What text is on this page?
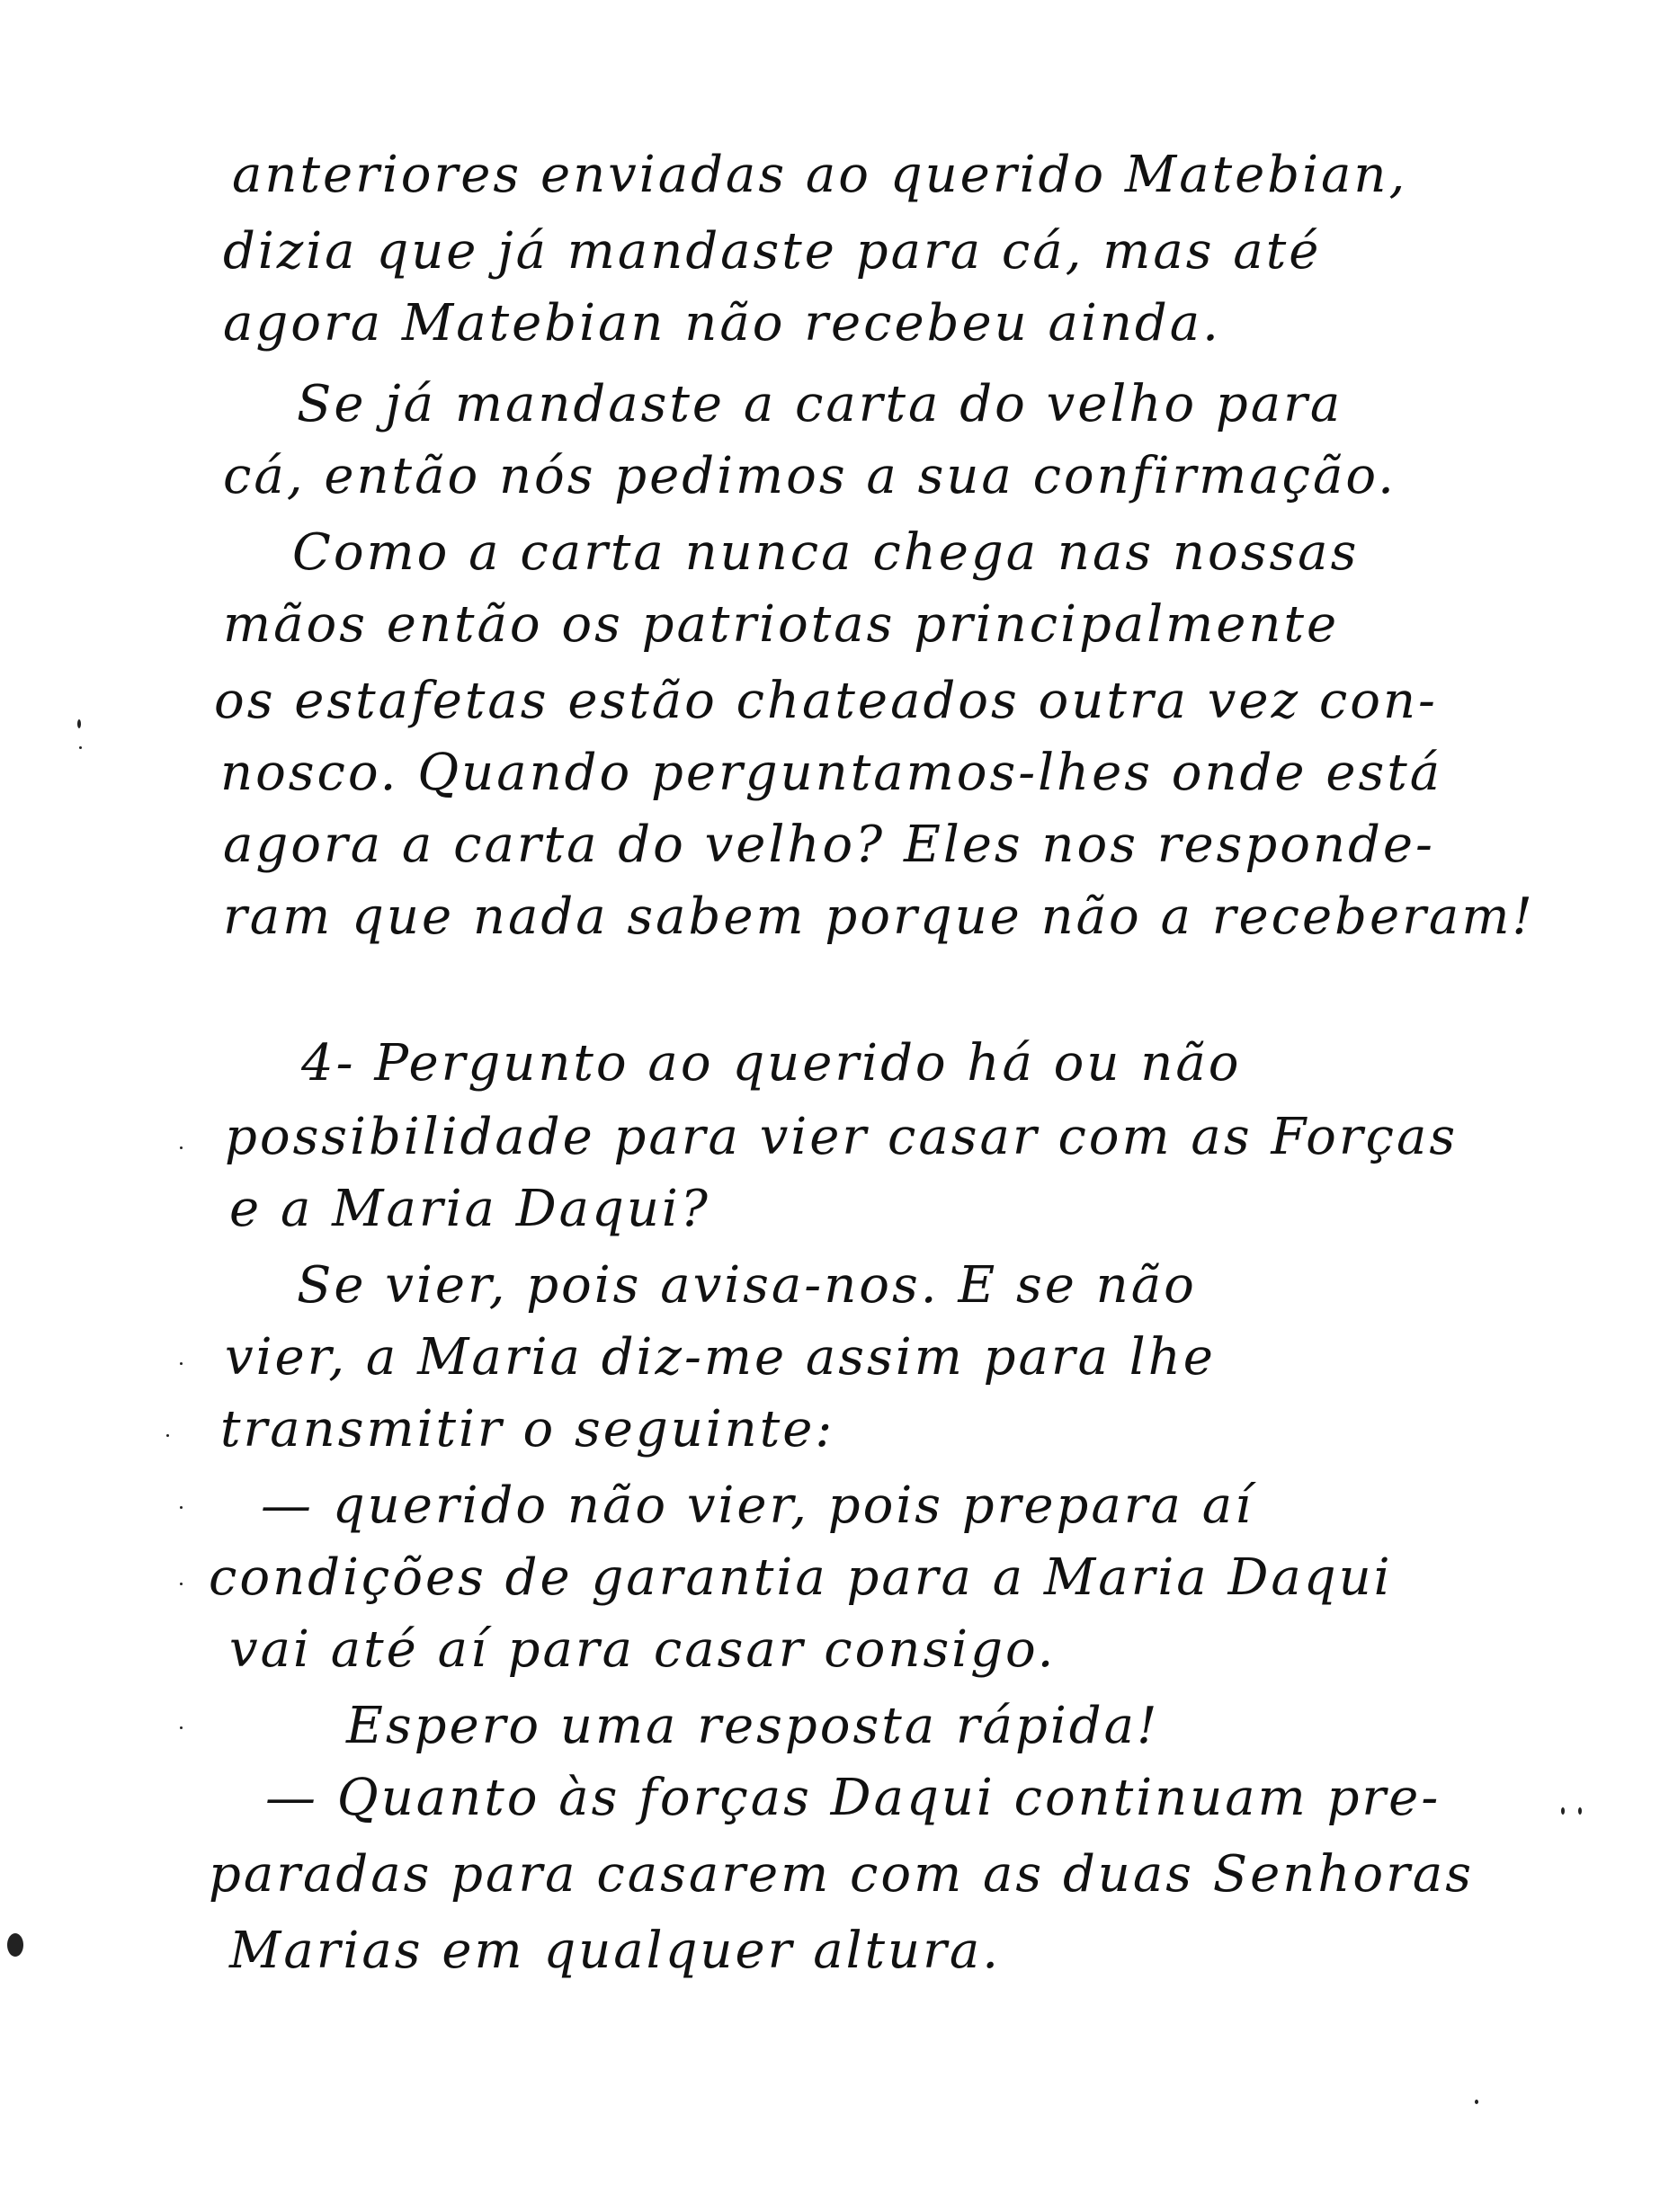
anteriores enviadas ao querido Matebian,
dizia que já mandaste para cá, mas até
agora Matebian não recebeu ainda.
Se já mandaste a carta do velho para
cá, então nós pedimos a sua confirmação.
Como a carta nunca chega nas nossas
mãos então os patriotas principalmente
os estafetas estão chateados outra vez con-
nosco. Quando perguntamos-lhes onde está
agora a carta do velho? Eles nos responde-
ram que nada sabem porque não a receberam!
4- Pergunto ao querido há ou não
possibilidade para vier casar com as Forças
e a Maria Daqui?
Se vier, pois avisa-nos. E se não
vier, a Maria diz-me assim para lhe
transmitir o seguinte:
— querido não vier, pois prepara aí
condições de garantia para a Maria Daqui
vai até aí para casar consigo.
Espero uma resposta rápida!
— Quanto às forças Daqui continuam pre-
paradas para casarem com as duas Senhoras
Marias em qualquer altura.
